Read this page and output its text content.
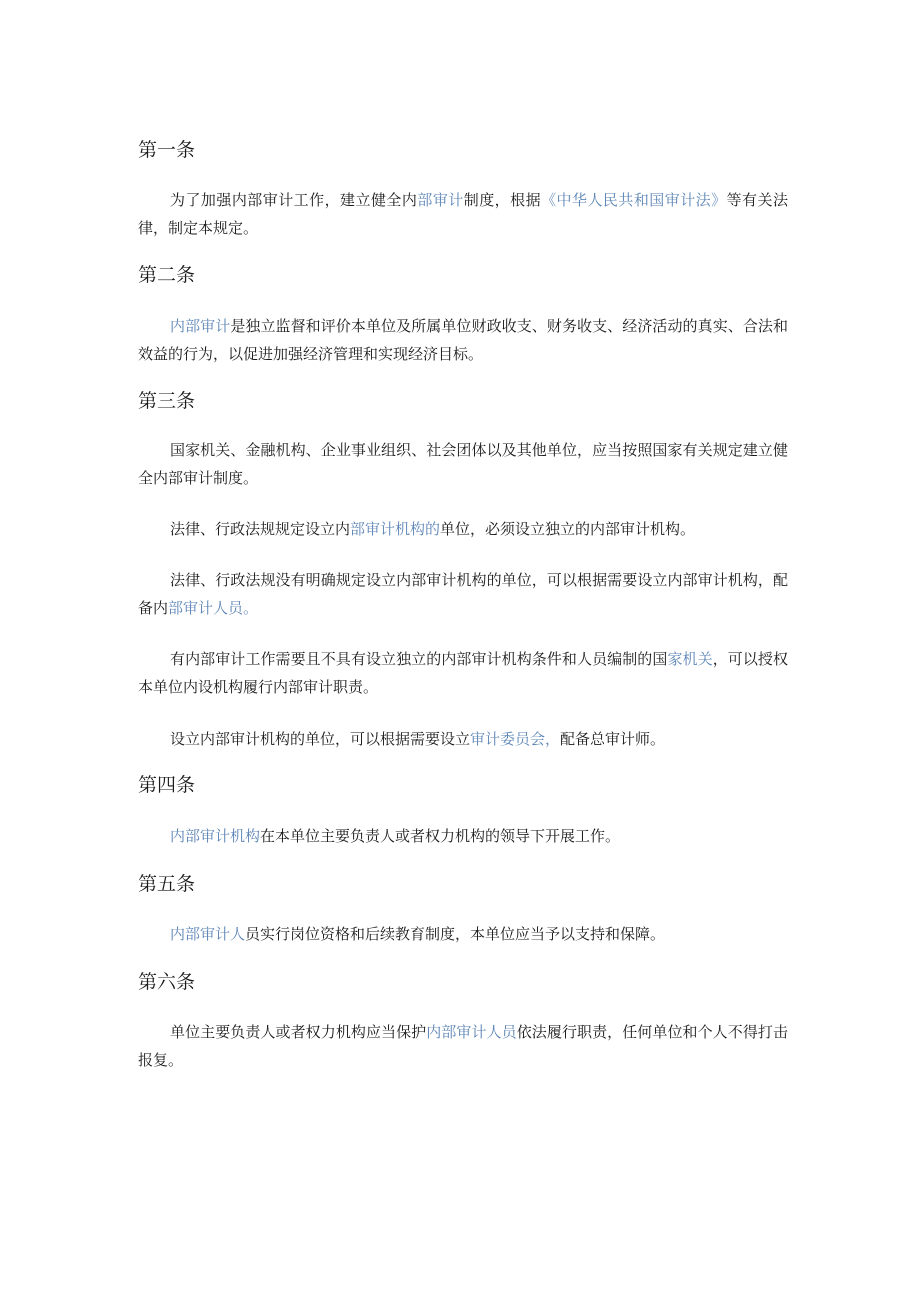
第一条

为了加强内部审计工作，建立健全内部审计制度，根据《中华人民共和国审计法》等有关法律，制定本规定。

第二条

内部审计是独立监督和评价本单位及所属单位财政收支、财务收支、经济活动的真实、合法和效益的行为，以促进加强经济管理和实现经济目标。

第三条

国家机关、金融机构、企业事业组织、社会团体以及其他单位，应当按照国家有关规定建立健全内部审计制度。

法律、行政法规规定设立内部审计机构的单位，必须设立独立的内部审计机构。

法律、行政法规没有明确规定设立内部审计机构的单位，可以根据需要设立内部审计机构，配备内部审计人员。

有内部审计工作需要且不具有设立独立的内部审计机构条件和人员编制的国家机关，可以授权本单位内设机构履行内部审计职责。

设立内部审计机构的单位，可以根据需要设立审计委员会，配备总审计师。

第四条

内部审计机构在本单位主要负责人或者权力机构的领导下开展工作。

第五条

内部审计人员实行岗位资格和后续教育制度，本单位应当予以支持和保障。

第六条

单位主要负责人或者权力机构应当保护内部审计人员依法履行职责，任何单位和个人不得打击报复。
